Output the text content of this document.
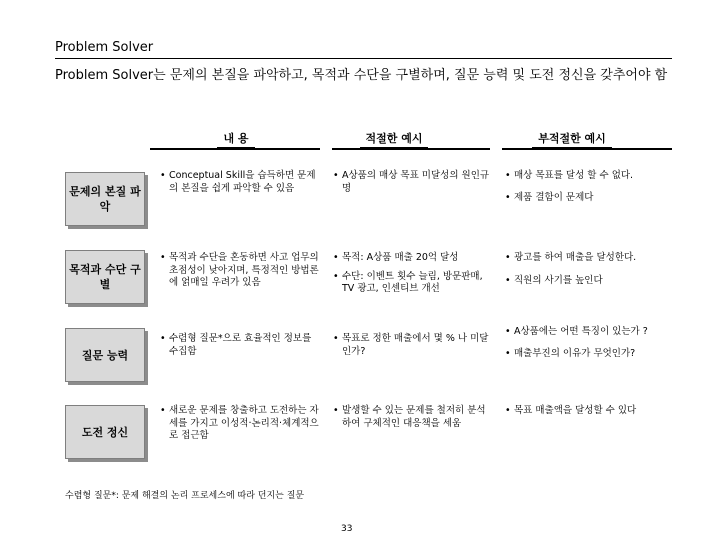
Problem Solver
Problem Solver는 문제의 본질을 파악하고, 목적과 수단을 구별하며, 질문 능력 및 도전 정신을 갖추어야 함
내 용	적절한 예시	부적절한 예시
문제의 본질 파악
• Conceptual Skill을 습득하면 문제의 본질을 쉽게 파악할 수 있음
• A상품의 매상 목표 미달성의 원인규명
• 매상 목표를 달성 할 수 없다.
• 제품 결함이 문제다
목적과 수단 구별
• 목적과 수단을 혼동하면 사고 업무의 초점성이 낮아지며, 특정적인 방법론에 얽매일 우려가 있음
• 목적: A상품 매출 20억 달성
• 수단: 이벤트 횟수 늘림, 방문판매, TV 광고, 인센티브 개선
• 광고를 하여 매출을 달성한다.
• 직원의 사기를 높인다
질문 능력
• 수렴형 질문*으로 효율적인 정보를 수집함
• 목표로 정한 매출에서 몇 % 나 미달인가?
• A상품에는 어떤 특징이 있는가 ?
• 매출부진의 이유가 무엇인가?
도전 정신
• 새로운 문제를 창출하고 도전하는 자세를 가지고 이성적·논리적·체계적으로 접근함
• 발생할 수 있는 문제를 철저히 분석하여 구체적인 대응책을 세움
• 목표 매출액을 달성할 수 있다
수렴형 질문*: 문제 해결의 논리 프로세스에 따라 던지는 질문
33
